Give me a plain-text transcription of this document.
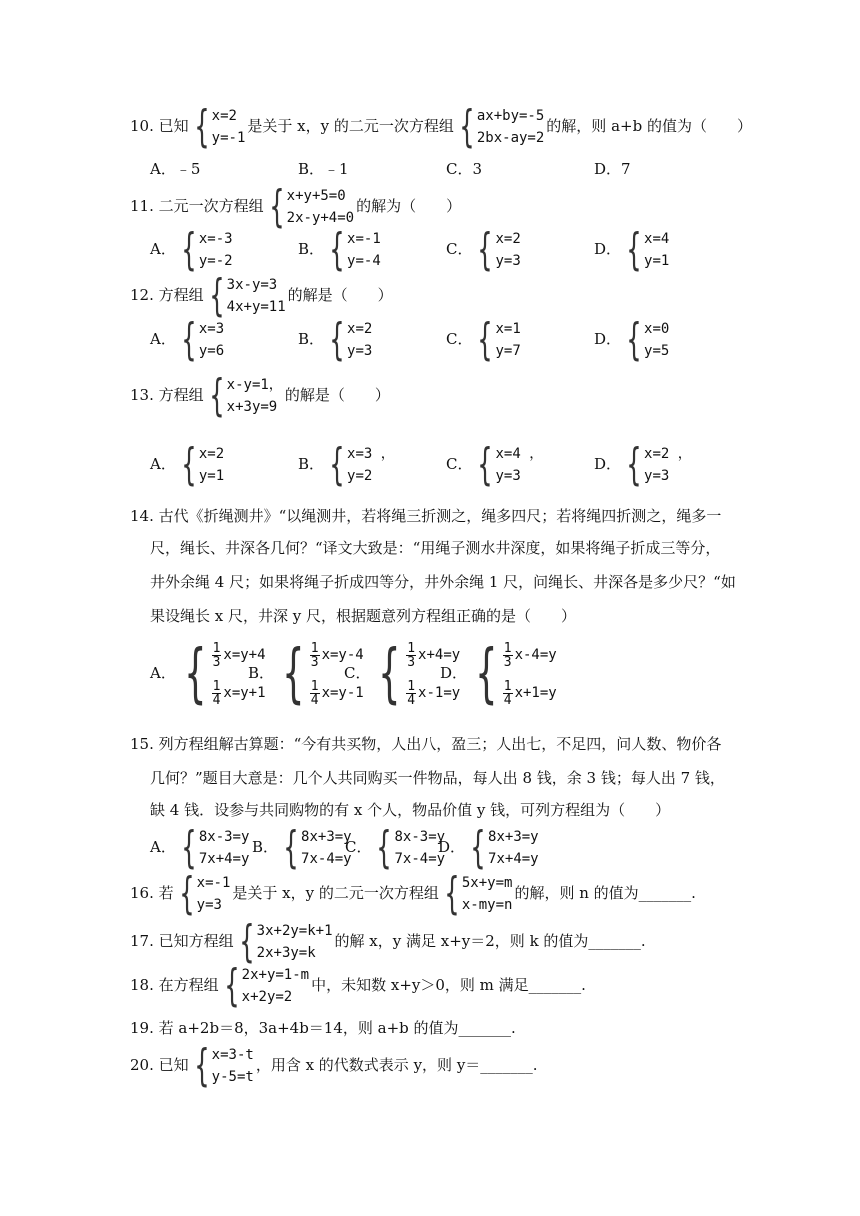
10. 已知 { x=2
y=-1
是关于 x，y 的二元一次方程组 { ax+by=-5
2bx-ay=2
的解，则 a+b 的值为（　　）
A．﹣5	B．﹣1	C．3	D．7
11. 二元一次方程组 { x+y+5=0
2x-y+4=0
的解为（　　）
A． { x=-3
y=-2
B． { x=-1
y=-4
C． { x=2
y=3
D． { x=4
y=1
12. 方程组 { 3x-y=3
4x+y=11
的解是（　　）
A． { x=3
y=6
B． { x=2
y=3
C． { x=1
y=7
D． { x=0
y=5
13. 方程组 { x-y=1，
x+3y=9
的解是（　　）
A． { x=2
y=1
B． { x=3 ，
y=2
C． { x=4 ，
y=3
D． { x=2 ，
y=3
14. 古代《折绳测井》“以绳测井，若将绳三折测之，绳多四尺；若将绳四折测之，绳多一
尺，绳长、井深各几何？“译文大致是：“用绳子测水井深度，如果将绳子折成三等分，
井外余绳 4 尺；如果将绳子折成四等分，井外余绳 1 尺，问绳长、井深各是多少尺？“如
果设绳长 x 尺，井深 y 尺，根据题意列方程组正确的是（　　）
A． { $\frac{1}{3} x=y+4$
$\frac{1}{4} x=y+1$
B． { $\frac{1}{3} x=y-4$
$\frac{1}{4} x=y-1$
C． { $\frac{1}{3} x+4=y$
$\frac{1}{4} x-1=y$
D． { $\frac{1}{3} x-4=y$
$\frac{1}{4} x+1=y$
15. 列方程组解古算题：“今有共买物，人出八，盈三；人出七，不足四，问人数、物价各
几何？”题目大意是：几个人共同购买一件物品，每人出 8 钱，余 3 钱；每人出 7 钱，
缺 4 钱．设参与共同购物的有 x 个人，物品价值 y 钱，可列方程组为（　　）
A． { 8x-3=y
7x+4=y
B． { 8x+3=y
7x-4=y
C． { 8x-3=y
7x-4=y
D． { 8x+3=y
7x+4=y
16. 若 { x=-1
y=3
是关于 x，y 的二元一次方程组 { 5x+y=m
x-my=n
的解，则 n 的值为_______.
17. 已知方程组 { 3x+2y=k+1
2x+3y=k
的解 x，y 满足 x+y＝2，则 k 的值为_______.
18. 在方程组 { 2x+y=1-m
x+2y=2
中，未知数 x+y＞0，则 m 满足_______.
19. 若 a+2b＝8，3a+4b＝14，则 a+b 的值为_______.
20. 已知 { x=3-t
y-5=t
，用含 x 的代数式表示 y，则 y＝_______.
